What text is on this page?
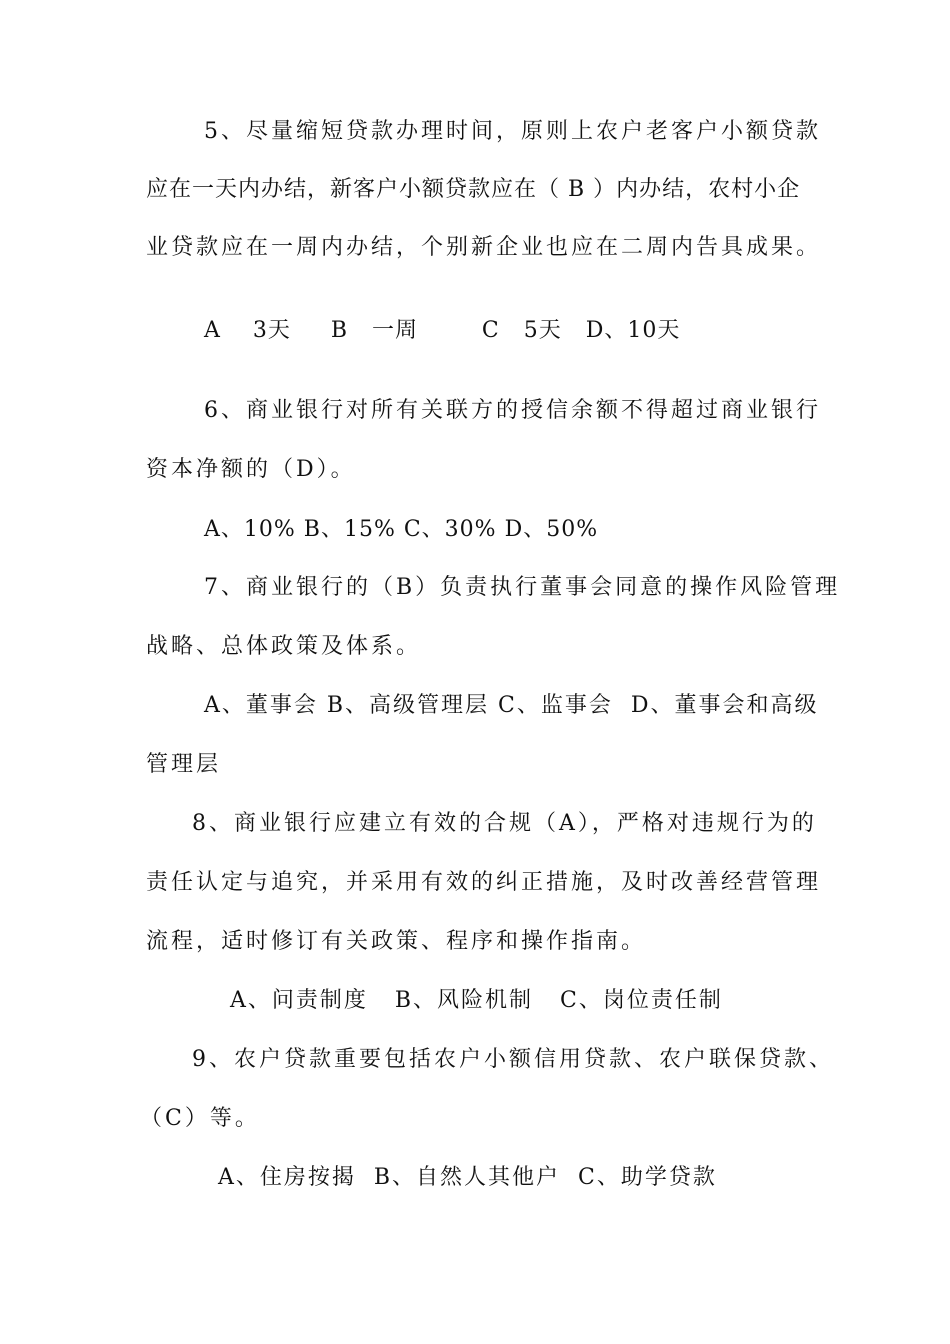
5、尽量缩短贷款办理时间，原则上农户老客户小额贷款
应在一天内办结，新客户小额贷款应在（ B ）内办结，农村小企
业贷款应在一周内办结，个别新企业也应在二周内告具成果。
A    3天     B   一周        C   5天   D、10天
6、商业银行对所有关联方的授信余额不得超过商业银行
资本净额的（D）。
A、10% B、15% C、30% D、50%
7、商业银行的（B）负责执行董事会同意的操作风险管理
战略、总体政策及体系。
A、董事会 B、高级管理层 C、监事会  D、董事会和高级
管理层
8、商业银行应建立有效的合规（A），严格对违规行为的
责任认定与追究，并采用有效的纠正措施，及时改善经营管理
流程，适时修订有关政策、程序和操作指南。
A、问责制度   B、风险机制   C、岗位责任制
9、农户贷款重要包括农户小额信用贷款、农户联保贷款、
（C）等。
A、住房按揭  B、自然人其他户  C、助学贷款
